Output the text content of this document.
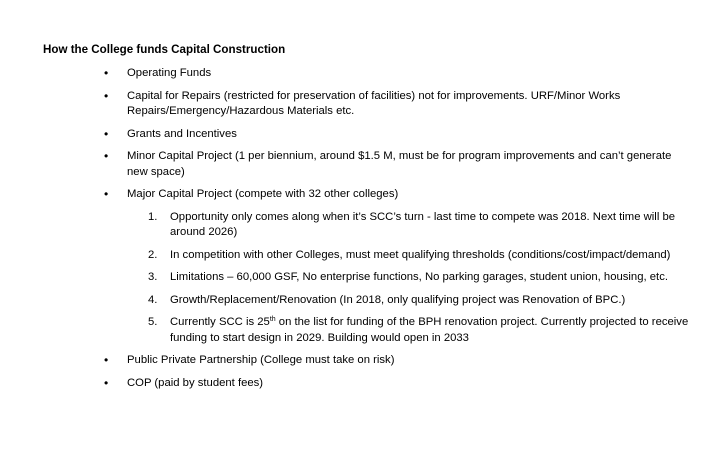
How the College funds Capital Construction
• Operating Funds
• Capital for Repairs (restricted for preservation of facilities) not for improvements. URF/Minor Works Repairs/Emergency/Hazardous Materials etc.
• Grants and Incentives
• Minor Capital Project (1 per biennium, around $1.5 M, must be for program improvements and can’t generate new space)
• Major Capital Project (compete with 32 other colleges)
1. Opportunity only comes along when it’s SCC’s turn - last time to compete was 2018. Next time will be around 2026)
2. In competition with other Colleges, must meet qualifying thresholds (conditions/cost/impact/demand)
3. Limitations – 60,000 GSF, No enterprise functions, No parking garages, student union, housing, etc.
4. Growth/Replacement/Renovation (In 2018, only qualifying project was Renovation of BPC.)
5. Currently SCC is 25th on the list for funding of the BPH renovation project. Currently projected to receive funding to start design in 2029. Building would open in 2033
• Public Private Partnership (College must take on risk)
• COP (paid by student fees)
